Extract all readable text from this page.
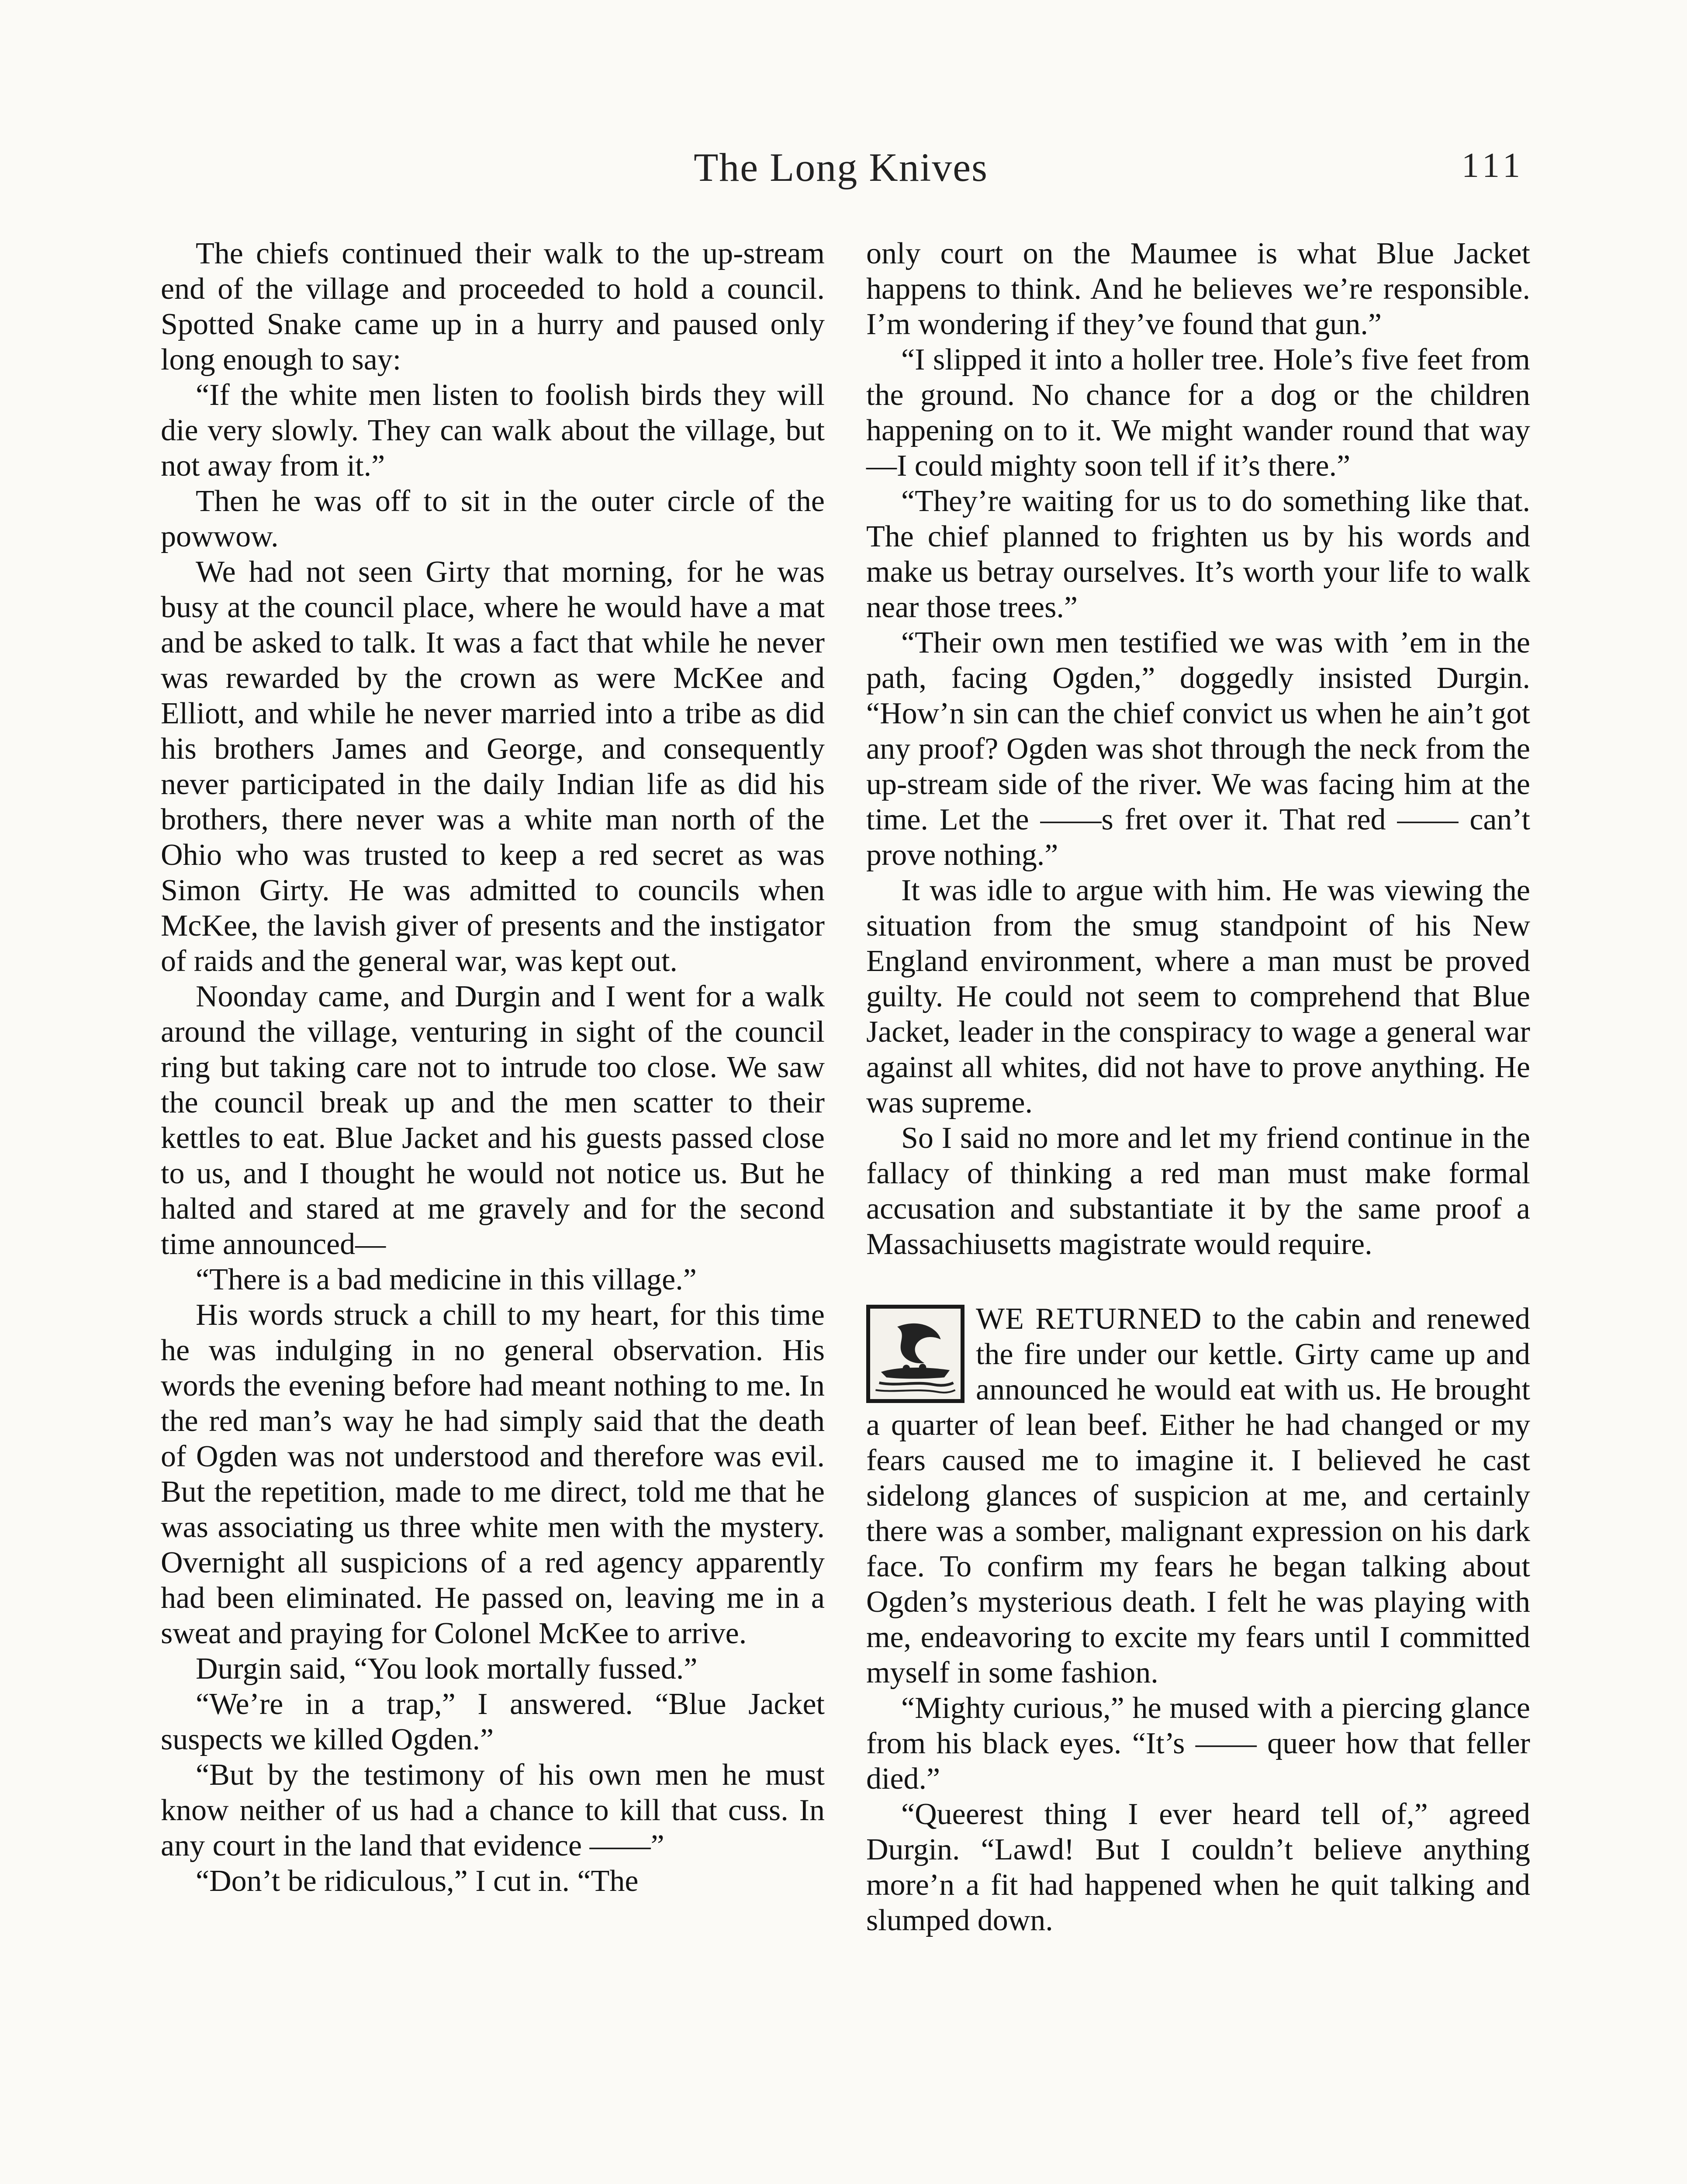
The Long Knives	111

The chiefs continued their walk to the up-stream end of the village and proceeded to hold a council. Spotted Snake came up in a hurry and paused only long enough to say:

“If the white men listen to foolish birds they will die very slowly. They can walk about the village, but not away from it.”

Then he was off to sit in the outer circle of the powwow.

We had not seen Girty that morning, for he was busy at the council place, where he would have a mat and be asked to talk. It was a fact that while he never was rewarded by the crown as were McKee and Elliott, and while he never married into a tribe as did his brothers James and George, and consequently never participated in the daily Indian life as did his brothers, there never was a white man north of the Ohio who was trusted to keep a red secret as was Simon Girty. He was admitted to councils when McKee, the lavish giver of presents and the instigator of raids and the general war, was kept out.

Noonday came, and Durgin and I went for a walk around the village, venturing in sight of the council ring but taking care not to intrude too close. We saw the council break up and the men scatter to their kettles to eat. Blue Jacket and his guests passed close to us, and I thought he would not notice us. But he halted and stared at me gravely and for the second time announced—

“There is a bad medicine in this village.”

His words struck a chill to my heart, for this time he was indulging in no general observation. His words the evening before had meant nothing to me. In the red man’s way he had simply said that the death of Ogden was not understood and therefore was evil. But the repetition, made to me direct, told me that he was associating us three white men with the mystery. Overnight all suspicions of a red agency apparently had been eliminated. He passed on, leaving me in a sweat and praying for Colonel McKee to arrive.

Durgin said, “You look mortally fussed.”

“We’re in a trap,” I answered. “Blue Jacket suspects we killed Ogden.”

“But by the testimony of his own men he must know neither of us had a chance to kill that cuss. In any court in the land that evidence ——”

“Don’t be ridiculous,” I cut in. “The

only court on the Maumee is what Blue Jacket happens to think. And he believes we’re responsible. I’m wondering if they’ve found that gun.”

“I slipped it into a holler tree. Hole’s five feet from the ground. No chance for a dog or the children happening on to it. We might wander round that way—I could mighty soon tell if it’s there.”

“They’re waiting for us to do something like that. The chief planned to frighten us by his words and make us betray ourselves. It’s worth your life to walk near those trees.”

“Their own men testified we was with ’em in the path, facing Ogden,” doggedly insisted Durgin. “How’n sin can the chief convict us when he ain’t got any proof? Ogden was shot through the neck from the up-stream side of the river. We was facing him at the time. Let the ——s fret over it. That red —— can’t prove nothing.”

It was idle to argue with him. He was viewing the situation from the smug standpoint of his New England environment, where a man must be proved guilty. He could not seem to comprehend that Blue Jacket, leader in the conspiracy to wage a general war against all whites, did not have to prove anything. He was supreme.

So I said no more and let my friend continue in the fallacy of thinking a red man must make formal accusation and substantiate it by the same proof a Massachiusetts magistrate would require.

WE RETURNED to the cabin and renewed the fire under our kettle. Girty came up and announced he would eat with us. He brought a quarter of lean beef. Either he had changed or my fears caused me to imagine it. I believed he cast sidelong glances of suspicion at me, and certainly there was a somber, malignant expression on his dark face. To confirm my fears he began talking about Ogden’s mysterious death. I felt he was playing with me, endeavoring to excite my fears until I committed myself in some fashion.

“Mighty curious,” he mused with a piercing glance from his black eyes. “It’s —— queer how that feller died.”

“Queerest thing I ever heard tell of,” agreed Durgin. “Lawd! But I couldn’t believe anything more’n a fit had happened when he quit talking and slumped down.
